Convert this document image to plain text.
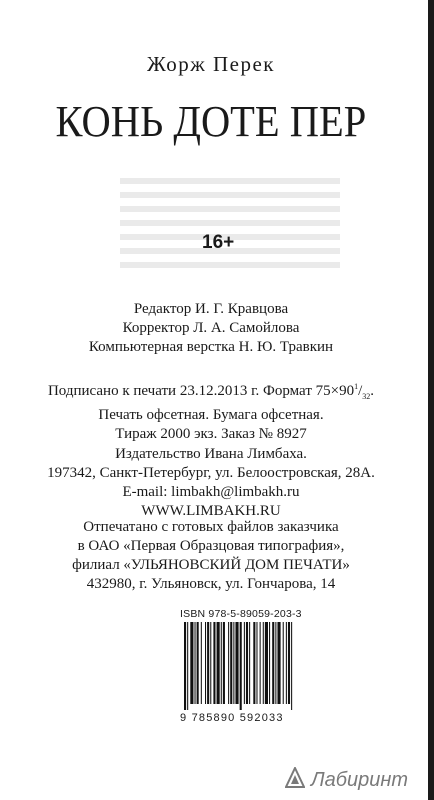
Жорж Перек
КОНЬ ДОТЕ ПЕР
16+
Редактор И. Г. Кравцова
Корректор Л. А. Самойлова
Компьютерная верстка Н. Ю. Травкин
Подписано к печати 23.12.2013 г. Формат $75\times 90^1/_{32}$.
Печать офсетная. Бумага офсетная.
Тираж 2000 экз. Заказ № 8927
Издательство Ивана Лимбаха.
197342, Санкт-Петербург, ул. Белоостровская, 28А.
E-mail: limbakh@limbakh.ru
WWW.LIMBAKH.RU
Отпечатано с готовых файлов заказчика
в ОАО «Первая Образцовая типография»,
филиал «УЛЬЯНОВСКИЙ ДОМ ПЕЧАТИ»
432980, г. Ульяновск, ул. Гончарова, 14
ISBN 978-5-89059-203-3
9 785890 592033
Лабиринт
